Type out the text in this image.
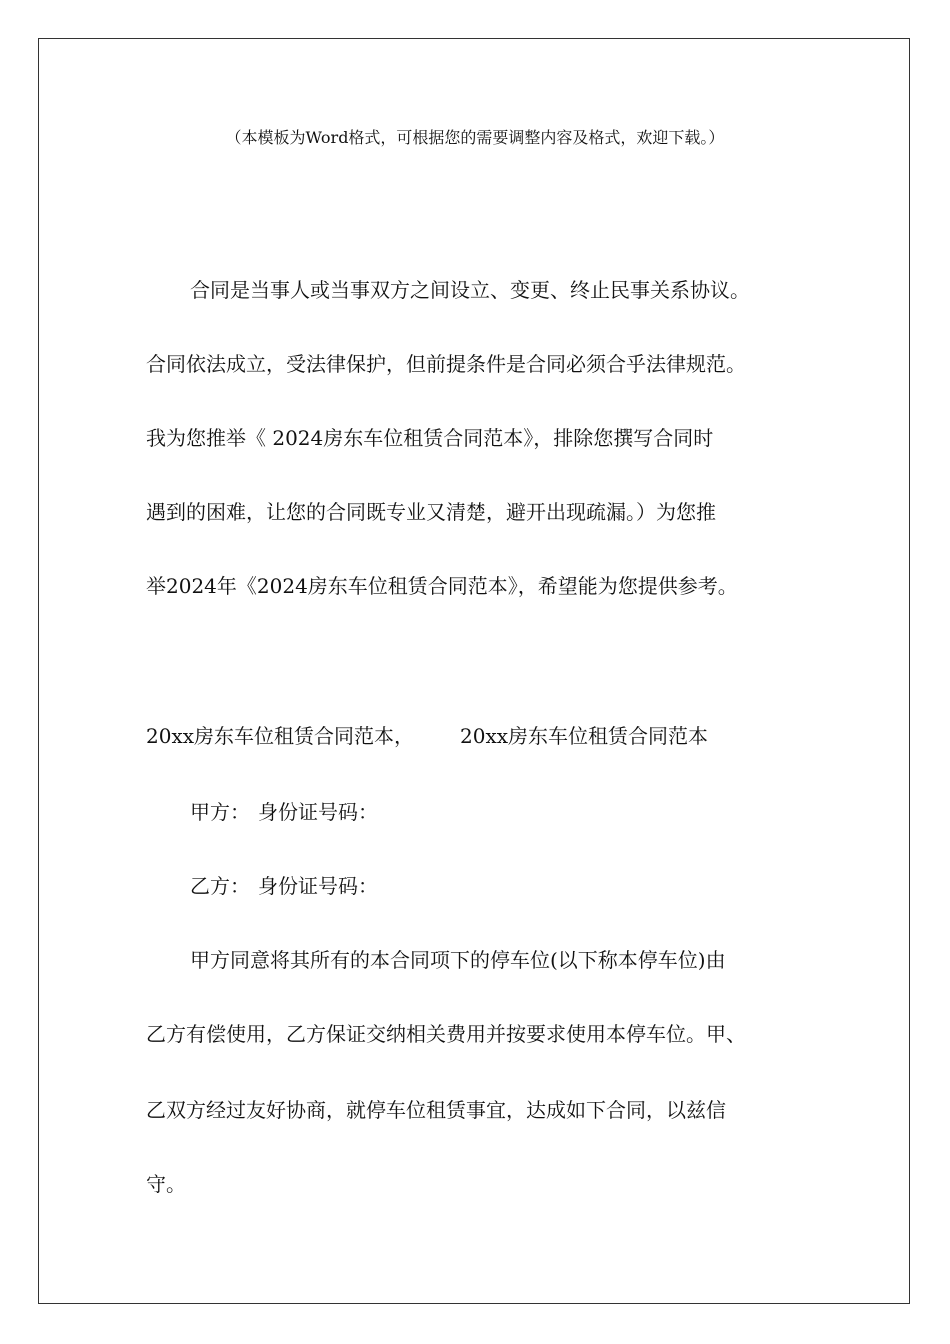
（本模板为Word格式，可根据您的需要调整内容及格式，欢迎下载。）
合同是当事人或当事双方之间设立、变更、终止民事关系协议。
合同依法成立，受法律保护，但前提条件是合同必须合乎法律规范。
我为您推举《 2024房东车位租赁合同范本》，排除您撰写合同时
遇到的困难，让您的合同既专业又清楚，避开出现疏漏。）为您推
举2024年《2024房东车位租赁合同范本》，希望能为您提供参考。
20xx房东车位租赁合同范本， 20xx房东车位租赁合同范本
甲方： 身份证号码：
乙方： 身份证号码：
甲方同意将其所有的本合同项下的停车位(以下称本停车位)由
乙方有偿使用，乙方保证交纳相关费用并按要求使用本停车位。甲、
乙双方经过友好协商，就停车位租赁事宜，达成如下合同，以兹信
守。
